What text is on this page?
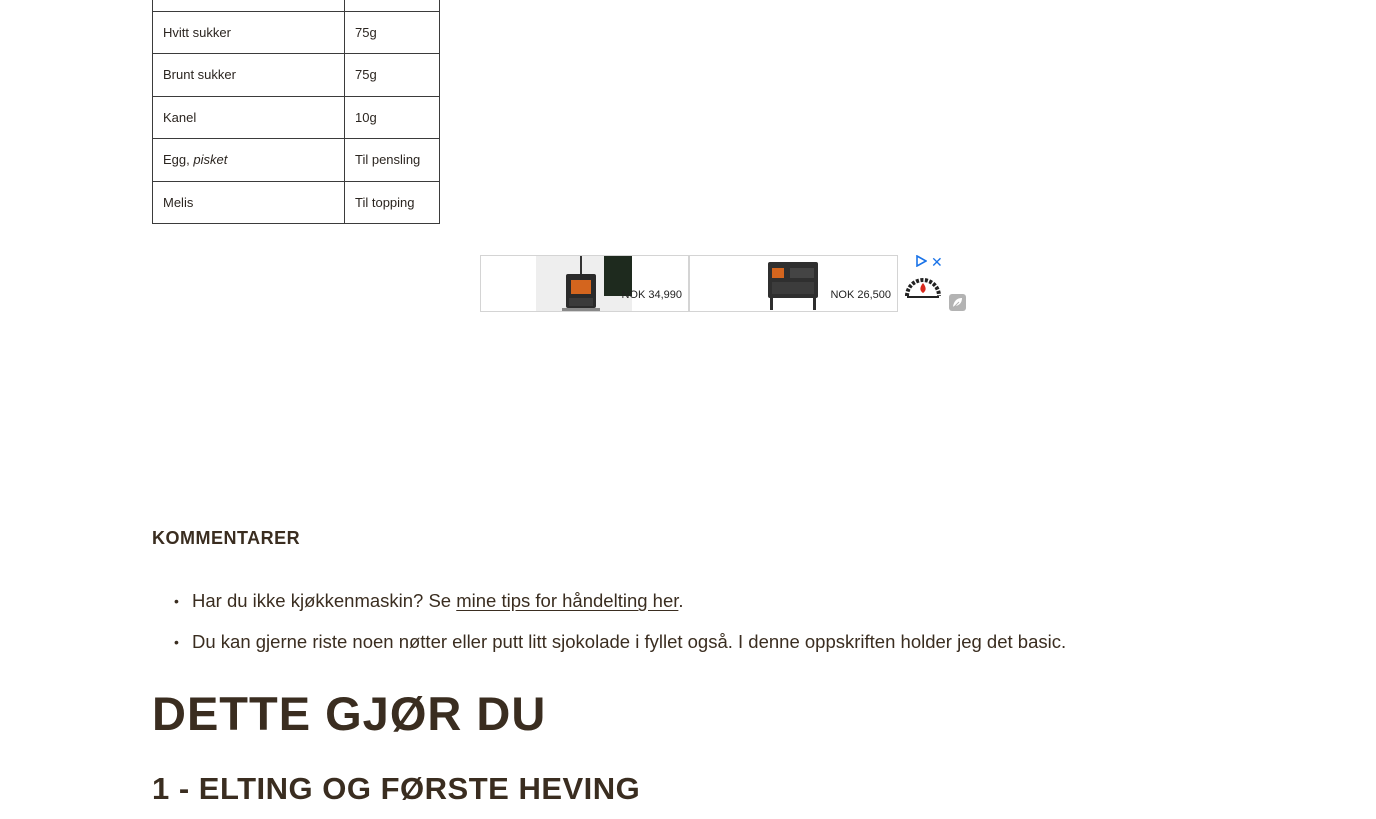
Hvitt sukker	75g
Brunt sukker	75g
Kanel	10g
Egg, pisket	Til pensling
Melis	Til topping
NOK 34,990	NOK 26,500
✕
KOMMENTARER
• Har du ikke kjøkkenmaskin? Se mine tips for håndelting her.
• Du kan gjerne riste noen nøtter eller putt litt sjokolade i fyllet også. I denne oppskriften holder jeg det basic.
DETTE GJØR DU
1 - ELTING OG FØRSTE HEVING
